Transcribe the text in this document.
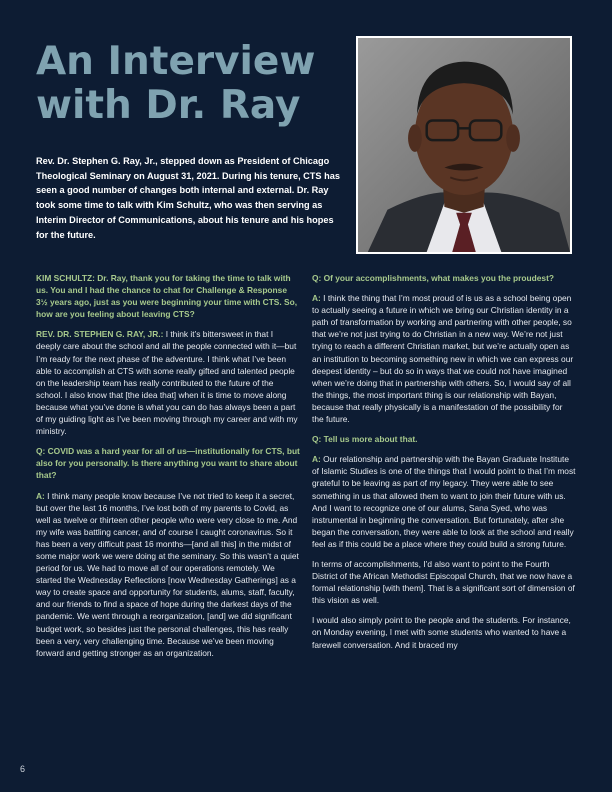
An Interview with Dr. Ray
Rev. Dr. Stephen G. Ray, Jr., stepped down as President of Chicago Theological Seminary on August 31, 2021. During his tenure, CTS has seen a good number of changes both internal and external. Dr. Ray took some time to talk with Kim Schultz, who was then serving as Interim Director of Communications, about his tenure and his hopes for the future.

KIM SCHULTZ: Dr. Ray, thank you for taking the time to talk with us. You and I had the chance to chat for Challenge & Response 3½ years ago, just as you were beginning your time with CTS. So, how are you feeling about leaving CTS?

REV. DR. STEPHEN G. RAY, JR.: I think it’s bittersweet in that I deeply care about the school and all the people connected with it—but I’m ready for the next phase of the adventure. I think what I’ve been able to accomplish at CTS with some really gifted and talented people on the leadership team has really contributed to the future of the school. I also know that [the idea that] when it is time to move along because what you’ve done is what you can do has always been a part of my guiding light as I’ve been moving through my career and with my ministry.

Q: COVID was a hard year for all of us—institutionally for CTS, but also for you personally. Is there anything you want to share about that?

A: I think many people know because I’ve not tried to keep it a secret, but over the last 16 months, I’ve lost both of my parents to Covid, as well as twelve or thirteen other people who were very close to me. And my wife was battling cancer, and of course I caught coronavirus. So it has been a very difficult past 16 months—[and all this] in the midst of some major work we were doing at the seminary. So this wasn’t a quiet period for us. We had to move all of our operations remotely. We started the Wednesday Reflections [now Wednesday Gatherings] as a way to create space and opportunity for students, alums, staff, faculty, and our friends to find a space of hope during the darkest days of the pandemic. We went through a reorganization, [and] we did significant budget work, so besides just the personal challenges, this has really been a very, very challenging time. Because we’ve been moving forward and getting stronger as an organization.

Q: Of your accomplishments, what makes you the proudest?

A: I think the thing that I’m most proud of is us as a school being open to actually seeing a future in which we bring our Christian identity in a path of transformation by working and partnering with other people, so that we’re not just trying to do Christian in a new way. We’re not just trying to reach a different Christian market, but we’re actually open as an institution to becoming something new in which we can express our deepest identity – but do so in ways that we could not have imagined when we’re doing that in partnership with others. So, I would say of all the things, the most important thing is our relationship with Bayan, because that really physically is a manifestation of the possibility for the future.

Q: Tell us more about that.

A: Our relationship and partnership with the Bayan Graduate Institute of Islamic Studies is one of the things that I would point to that I’m most grateful to be leaving as part of my legacy. They were able to see something in us that allowed them to want to join their future with us. And I want to recognize one of our alums, Sana Syed, who was instrumental in beginning the conversation. But fortunately, after she began the conversation, they were able to look at the school and really feel as if this could be a place where they could build a strong future.

In terms of accomplishments, I’d also want to point to the Fourth District of the African Methodist Episcopal Church, that we now have a formal relationship [with them]. That is a significant sort of dimension of this vision as well.

I would also simply point to the people and the students. For instance, on Monday evening, I met with some students who wanted to have a farewell conversation. And it braced my

6
